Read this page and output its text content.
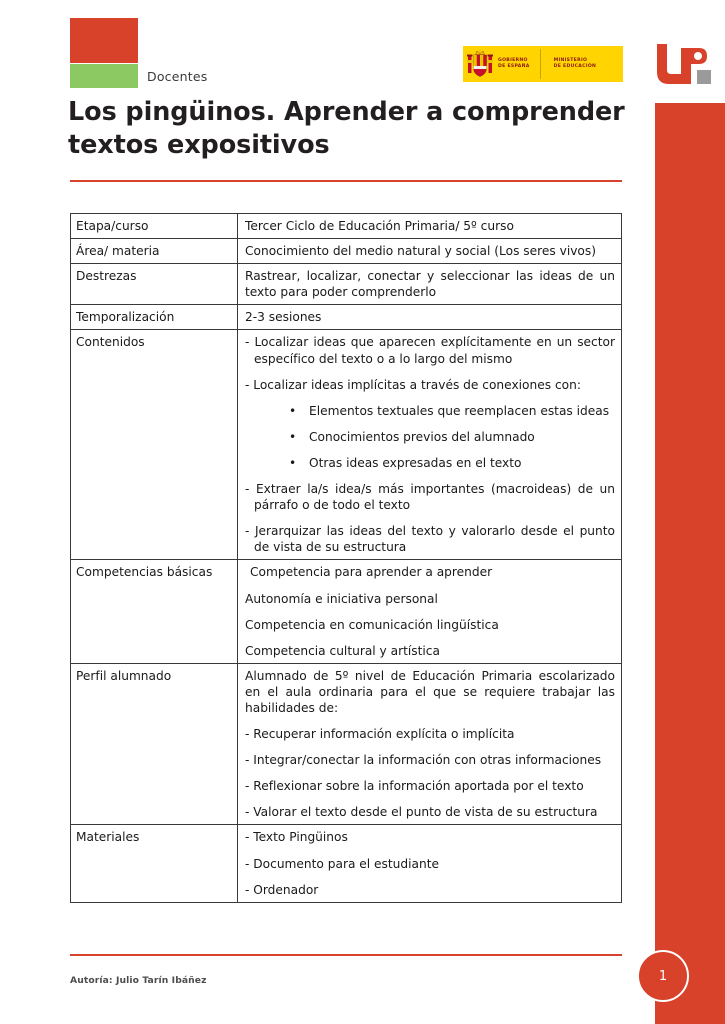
Docentes
GOBIERNO
DE ESPAÑA
MINISTERIO
DE EDUCACIÓN
Los pingüinos. Aprender a comprender textos expositivos
Etapa/curso	Tercer Ciclo de Educación Primaria/ 5º curso
Área/ materia	Conocimiento del medio natural y social (Los seres vivos)
Destrezas	Rastrear, localizar, conectar y seleccionar las ideas de un texto para poder comprenderlo
Temporalización	2-3 sesiones
Contenidos	- Localizar ideas que aparecen explícitamente en un sector específico del texto o a lo largo del mismo
- Localizar ideas implícitas a través de conexiones con:
• Elementos textuales que reemplacen estas ideas
• Conocimientos previos del alumnado
• Otras ideas expresadas en el texto
- Extraer la/s idea/s más importantes (macroideas) de un párrafo o de todo el texto
- Jerarquizar las ideas del texto y valorarlo desde el punto de vista de su estructura

Competencias básicas	Competencia para aprender a aprender
Autonomía e iniciativa personal
Competencia en comunicación lingüística
Competencia cultural y artística

Perfil alumnado	Alumnado de 5º nivel de Educación Primaria escolarizado en el aula ordinaria para el que se requiere trabajar las habilidades de:
- Recuperar información explícita o implícita
- Integrar/conectar la información con otras informaciones
- Reflexionar sobre la información aportada por el texto
- Valorar el texto desde el punto de vista de su estructura

Materiales	- Texto Pingüinos
- Documento para el estudiante
- Ordenador
Autoría: Julio Tarín Ibáñez	1
